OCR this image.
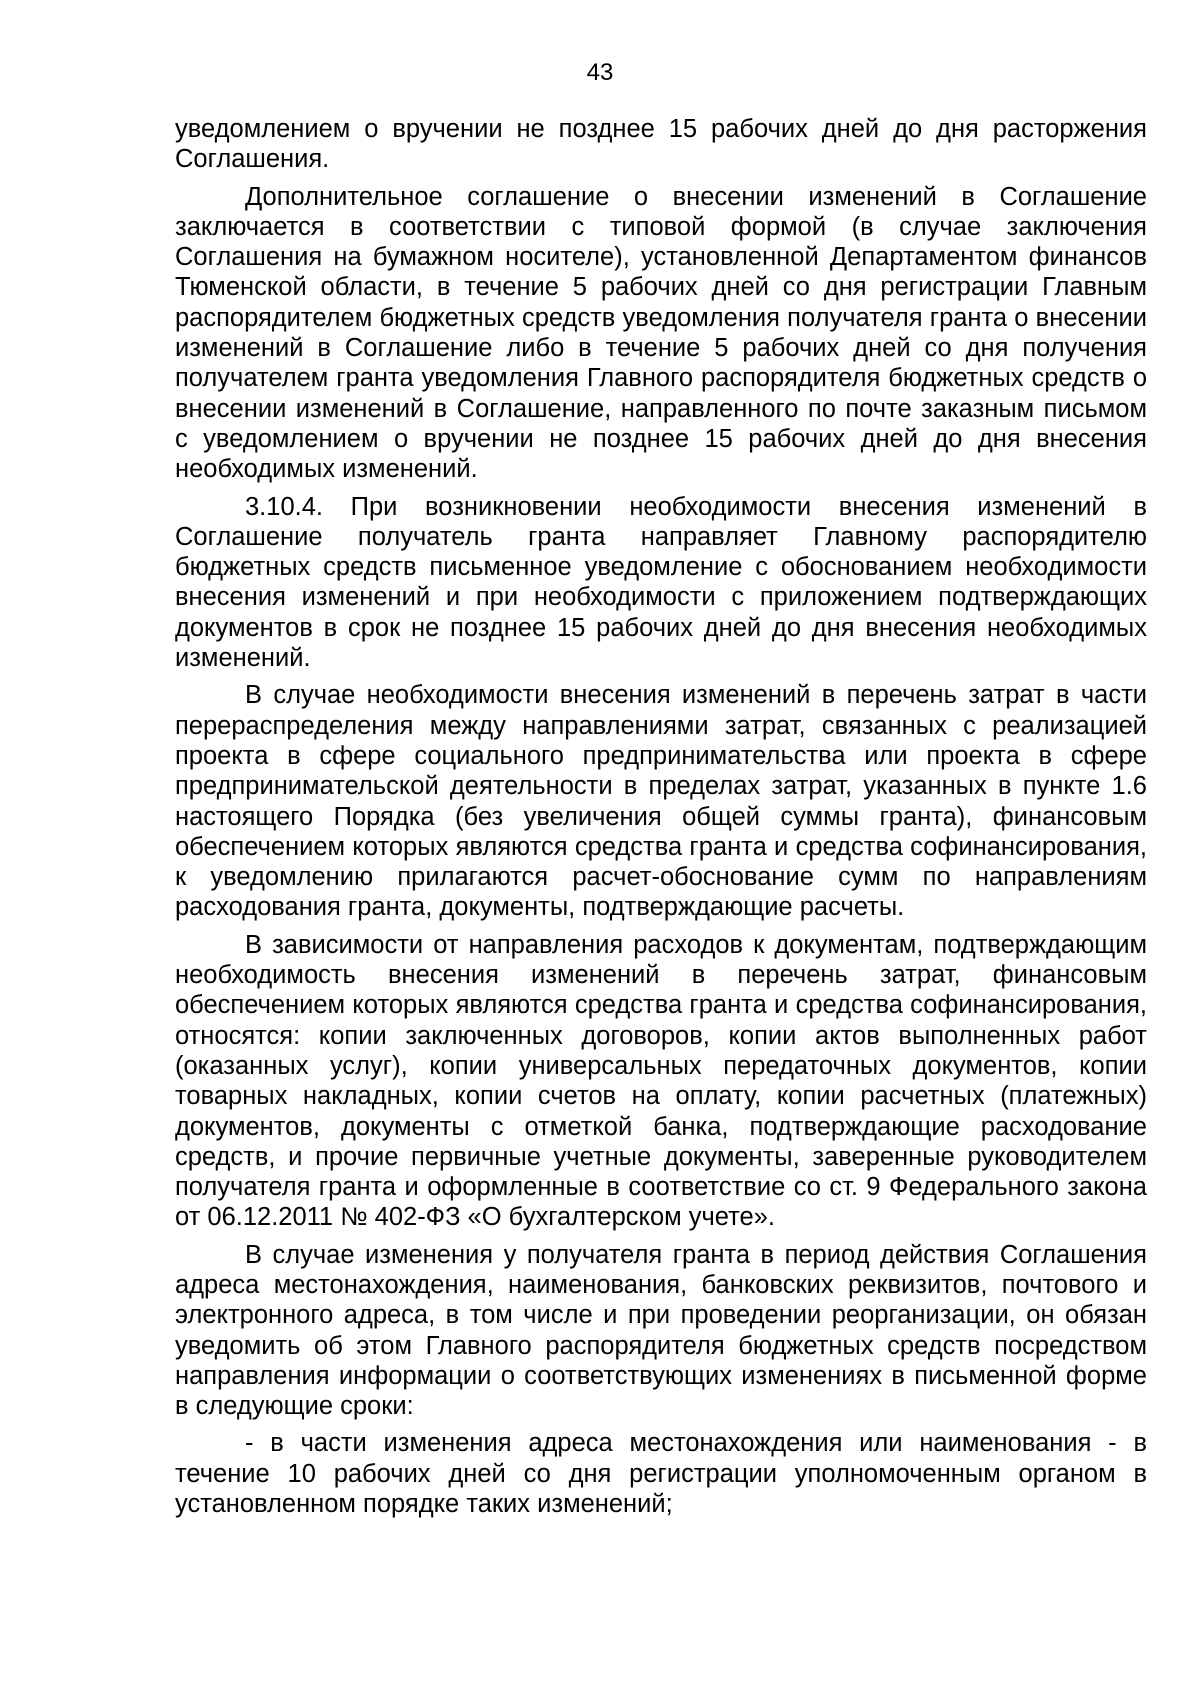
43

уведомлением о вручении не позднее 15 рабочих дней до дня расторжения Соглашения.

Дополнительное соглашение о внесении изменений в Соглашение заключается в соответствии с типовой формой (в случае заключения Соглашения на бумажном носителе), установленной Департаментом финансов Тюменской области, в течение 5 рабочих дней со дня регистрации Главным распорядителем бюджетных средств уведомления получателя гранта о внесении изменений в Соглашение либо в течение 5 рабочих дней со дня получения получателем гранта уведомления Главного распорядителя бюджетных средств о внесении изменений в Соглашение, направленного по почте заказным письмом с уведомлением о вручении не позднее 15 рабочих дней до дня внесения необходимых изменений.

3.10.4. При возникновении необходимости внесения изменений в Соглашение получатель гранта направляет Главному распорядителю бюджетных средств письменное уведомление с обоснованием необходимости внесения изменений и при необходимости с приложением подтверждающих документов в срок не позднее 15 рабочих дней до дня внесения необходимых изменений.

В случае необходимости внесения изменений в перечень затрат в части перераспределения между направлениями затрат, связанных с реализацией проекта в сфере социального предпринимательства или проекта в сфере предпринимательской деятельности в пределах затрат, указанных в пункте 1.6 настоящего Порядка (без увеличения общей суммы гранта), финансовым обеспечением которых являются средства гранта и средства софинансирования, к уведомлению прилагаются расчет-обоснование сумм по направлениям расходования гранта, документы, подтверждающие расчеты.

В зависимости от направления расходов к документам, подтверждающим необходимость внесения изменений в перечень затрат, финансовым обеспечением которых являются средства гранта и средства софинансирования, относятся: копии заключенных договоров, копии актов выполненных работ (оказанных услуг), копии универсальных передаточных документов, копии товарных накладных, копии счетов на оплату, копии расчетных (платежных) документов, документы с отметкой банка, подтверждающие расходование средств, и прочие первичные учетные документы, заверенные руководителем получателя гранта и оформленные в соответствие со ст. 9 Федерального закона от 06.12.2011 № 402-ФЗ «О бухгалтерском учете».

В случае изменения у получателя гранта в период действия Соглашения адреса местонахождения, наименования, банковских реквизитов, почтового и электронного адреса, в том числе и при проведении реорганизации, он обязан уведомить об этом Главного распорядителя бюджетных средств посредством направления информации о соответствующих изменениях в письменной форме в следующие сроки:

- в части изменения адреса местонахождения или наименования - в течение 10 рабочих дней со дня регистрации уполномоченным органом в установленном порядке таких изменений;
